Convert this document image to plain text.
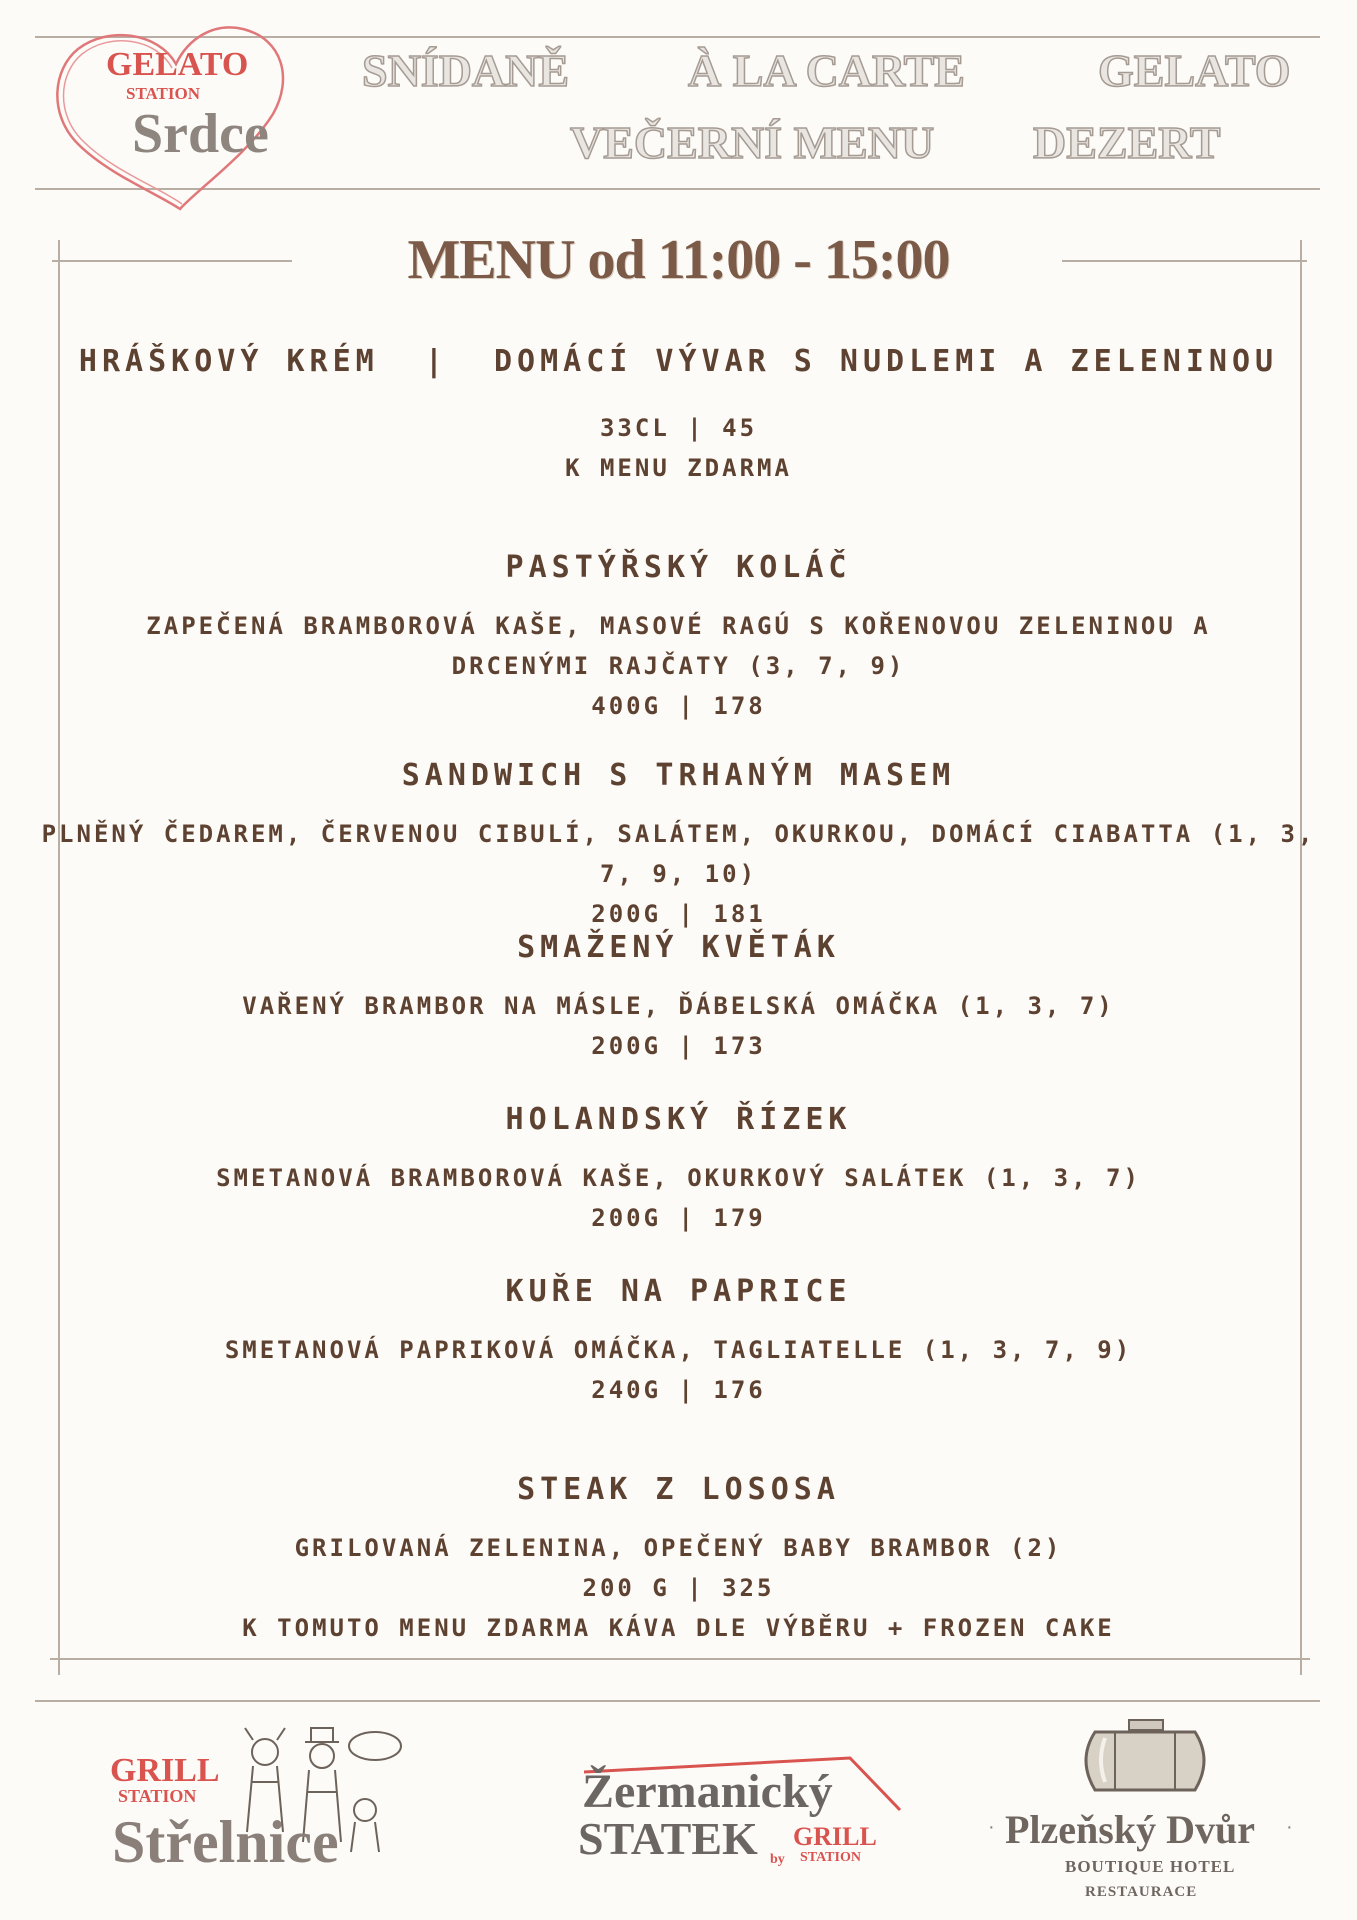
GELATO
STATION
Srdce
SNÍDANĚ	À LA CARTE	GELATO
VEČERNÍ MENU DEZERT
MENU od 11:00 - 15:00
HRÁŠKOVÝ KRÉM  |  DOMÁCÍ VÝVAR S NUDLEMI A ZELENINOU
33CL | 45
K MENU ZDARMA
PASTÝŘSKÝ KOLÁČ
ZAPEČENÁ BRAMBOROVÁ KAŠE, MASOVÉ RAGÚ S KOŘENOVOU ZELENINOU A
DRCENÝMI RAJČATY (3, 7, 9)
400G | 178
SANDWICH S TRHANÝM MASEM
PLNĚNÝ ČEDAREM, ČERVENOU CIBULÍ, SALÁTEM, OKURKOU, DOMÁCÍ CIABATTA (1, 3, 7, 9, 10)
200G | 181
SMAŽENÝ KVĚTÁK
VAŘENÝ BRAMBOR NA MÁSLE, ĎÁBELSKÁ OMÁČKA (1, 3, 7)
200G | 173
HOLANDSKÝ ŘÍZEK
SMETANOVÁ BRAMBOROVÁ KAŠE, OKURKOVÝ SALÁTEK (1, 3, 7)
200G | 179
KUŘE NA PAPRICE
SMETANOVÁ PAPRIKOVÁ OMÁČKA, TAGLIATELLE (1, 3, 7, 9)
240G | 176
STEAK Z LOSOSA
GRILOVANÁ ZELENINA, OPEČENÝ BABY BRAMBOR (2)
200 G | 325
K TOMUTO MENU ZDARMA KÁVA DLE VÝBĚRU + FROZEN CAKE
GRILL
STATION
Střelnice
Žermanický
STATEK GRILL
by STATION
· Plzeňský Dvůr ·
BOUTIQUE HOTEL
RESTAURACE
